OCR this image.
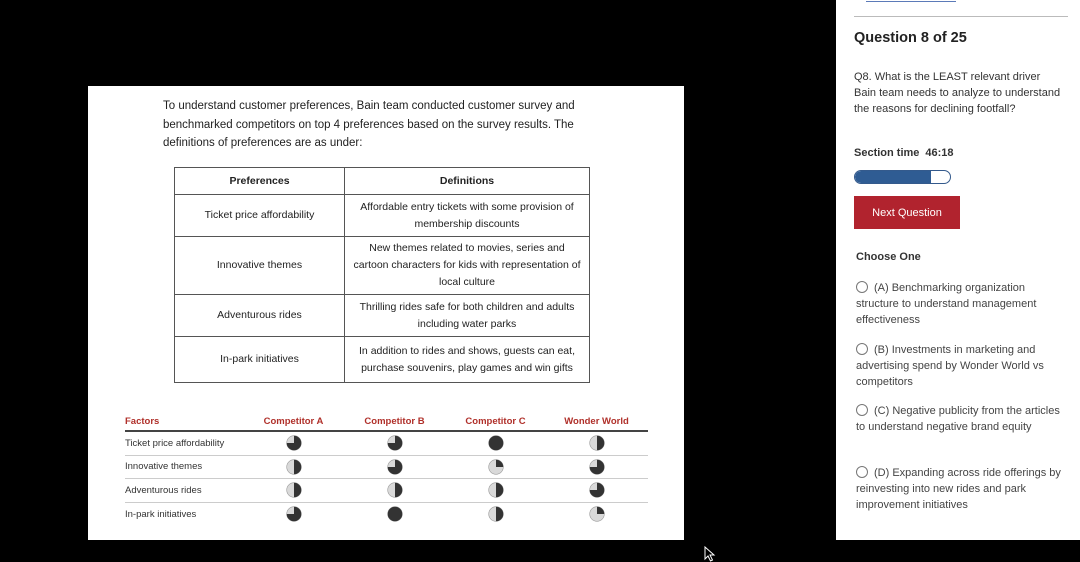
To understand customer preferences, Bain team conducted customer survey and benchmarked competitors on top 4 preferences based on the survey results. The definitions of preferences are as under:

Preferences	Definitions
Ticket price affordability	Affordable entry tickets with some provision of membership discounts
Innovative themes	New themes related to movies, series and cartoon characters for kids with representation of local culture
Adventurous rides	Thrilling rides safe for both children and adults including water parks
In-park initiatives	In addition to rides and shows, guests can eat, purchase souvenirs, play games and win gifts
Factors	Competitor A	Competitor B	Competitor C	Wonder World
Ticket price affordability
Innovative themes
Adventurous rides
In-park initiatives
Question 8 of 25
Q8. What is the LEAST relevant driver Bain team needs to analyze to understand the reasons for declining footfall?
Section time 46:18
Next Question
Choose One
(A) Benchmarking organization structure to understand management effectiveness
(B) Investments in marketing and advertising spend by Wonder World vs competitors
(C) Negative publicity from the articles to understand negative brand equity
(D) Expanding across ride offerings by reinvesting into new rides and park improvement initiatives
